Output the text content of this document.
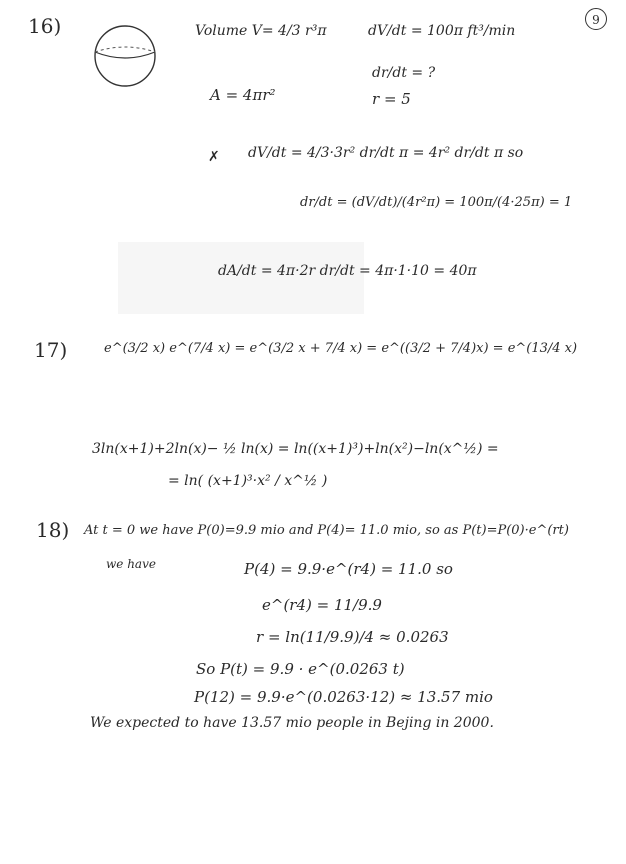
9
16)	Volume V= 4/3 r³π	dV/dt = 100π ft³/min
dr/dt = ?
r = 5
A = 4πr²
✗ dV/dt = 4/3·3r² dr/dt π = 4r² dr/dt π so
dr/dt = (dV/dt)/(4r²π) = 100π/(4·25π) = 1
dA/dt = 4π·2r dr/dt = 4π·1·10 = 40π
17)	e^(3/2 x) e^(7/4 x) = e^(3/2 x + 7/4 x) = e^((3/2 + 7/4)x) = e^(13/4 x)
3ln(x+1)+2ln(x)− ½ ln(x) = ln((x+1)³)+ln(x²)−ln(x^½) =
= ln( (x+1)³·x² / x^½ )
18) At t = 0 we have P(0)=9.9 mio and P(4)= 11.0 mio, so as P(t)=P(0)·e^(rt)
we have	P(4) = 9.9·e^(r4) = 11.0 so
e^(r4) = 11/9.9
r = ln(11/9.9)/4 ≈ 0.0263
So P(t) = 9.9 · e^(0.0263 t)
P(12) = 9.9·e^(0.0263·12) ≈ 13.57 mio
We expected to have 13.57 mio people in Bejing in 2000.
